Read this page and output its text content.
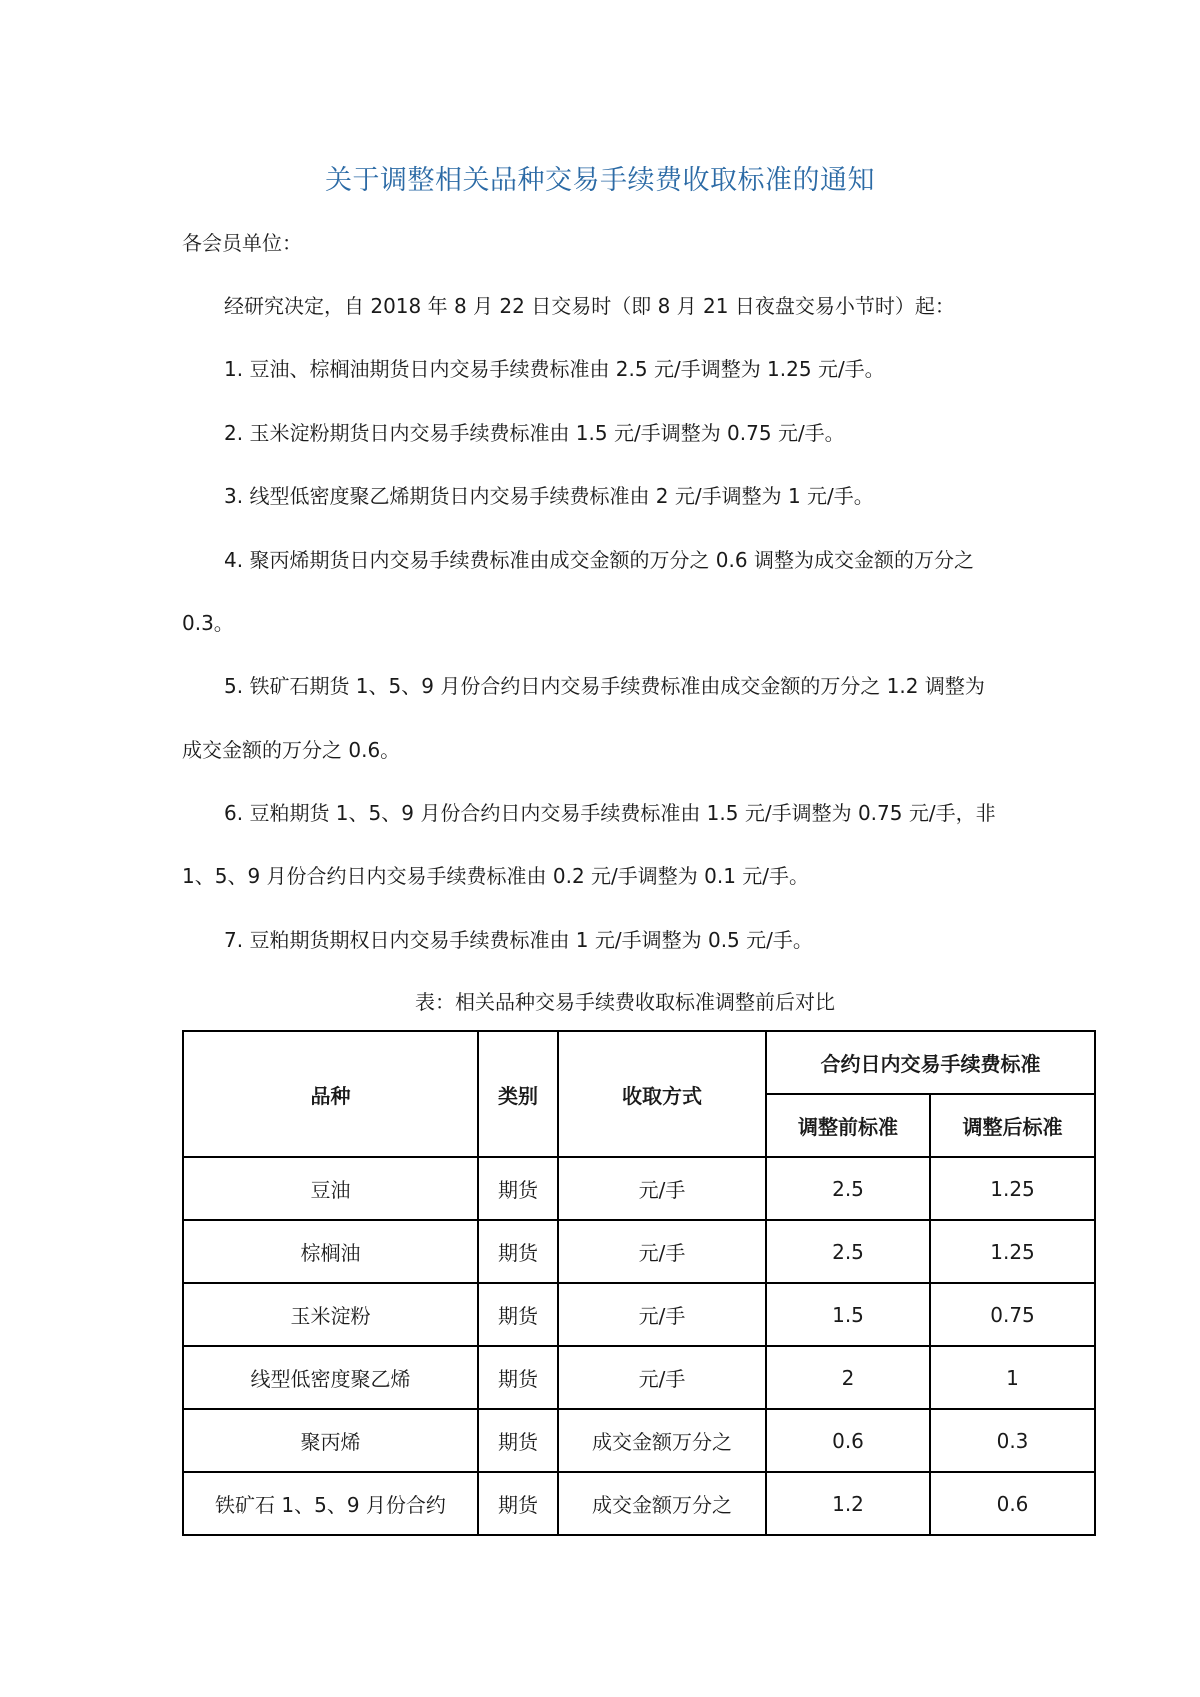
关于调整相关品种交易手续费收取标准的通知
各会员单位：
经研究决定，自 2018 年 8 月 22 日交易时（即 8 月 21 日夜盘交易小节时）起：
1. 豆油、棕榈油期货日内交易手续费标准由 2.5 元/手调整为 1.25 元/手。
2. 玉米淀粉期货日内交易手续费标准由 1.5 元/手调整为 0.75 元/手。
3. 线型低密度聚乙烯期货日内交易手续费标准由 2 元/手调整为 1 元/手。
4. 聚丙烯期货日内交易手续费标准由成交金额的万分之 0.6 调整为成交金额的万分之
0.3。
5. 铁矿石期货 1、5、9 月份合约日内交易手续费标准由成交金额的万分之 1.2 调整为
成交金额的万分之 0.6。
6. 豆粕期货 1、5、9 月份合约日内交易手续费标准由 1.5 元/手调整为 0.75 元/手，非
1、5、9 月份合约日内交易手续费标准由 0.2 元/手调整为 0.1 元/手。
7. 豆粕期货期权日内交易手续费标准由 1 元/手调整为 0.5 元/手。
表：相关品种交易手续费收取标准调整前后对比
品种	类别	收取方式	合约日内交易手续费标准	
			调整前标准	调整后标准
豆油	期货	元/手	2.5	1.25
棕榈油	期货	元/手	2.5	1.25
玉米淀粉	期货	元/手	1.5	0.75
线型低密度聚乙烯	期货	元/手	2	1
聚丙烯	期货	成交金额万分之	0.6	0.3
铁矿石 1、5、9 月份合约	期货	成交金额万分之	1.2	0.6
